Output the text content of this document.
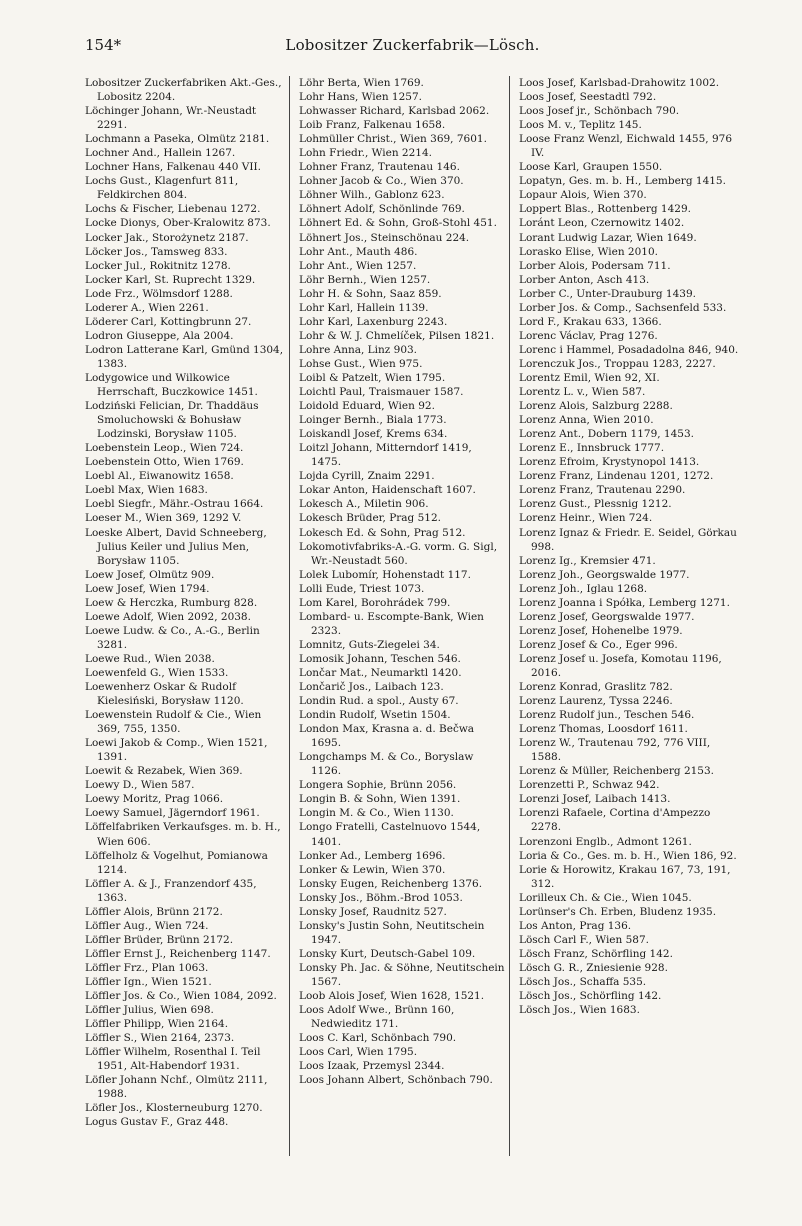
154*	Lobositzer Zuckerfabrik—Lösch.
Lobositzer Zuckerfabriken Akt.-Ges., Lobositz 2204.
Löchinger Johann, Wr.-Neustadt 2291.
Lochmann a Paseka, Olmütz 2181.
Lochner And., Hallein 1267.
Lochner Hans, Falkenau 440 VII.
Lochs Gust., Klagenfurt 811, Feldkirchen 804.
Lochs & Fischer, Liebenau 1272.
Locke Dionys, Ober-Kralowitz 873.
Locker Jak., Storożynetz 2187.
Löcker Jos., Tamsweg 833.
Locker Jul., Rokitnitz 1278.
Locker Karl, St. Ruprecht 1329.
Lode Frz., Wölmsdorf 1288.
Loderer A., Wien 2261.
Löderer Carl, Kottingbrunn 27.
Lodron Giuseppe, Ala 2004.
Lodron Latterane Karl, Gmünd 1304, 1383.
Lodygowice und Wilkowice Herrschaft, Buczkowice 1451.
Lodziński Felician, Dr. Thaddäus Smoluchowski & Bohusław Lodzinski, Borysław 1105.
Loebenstein Leop., Wien 724.
Loebenstein Otto, Wien 1769.
Loebl Al., Eiwanowitz 1658.
Loebl Max, Wien 1683.
Loebl Siegfr., Mähr.-Ostrau 1664.
Loeser M., Wien 369, 1292 V.
Loeske Albert, David Schneeberg, Julius Keiler und Julius Men, Borysław 1105.
Loew Josef, Olmütz 909.
Loew Josef, Wien 1794.
Loew & Herczka, Rumburg 828.
Loewe Adolf, Wien 2092, 2038.
Loewe Ludw. & Co., A.-G., Berlin 3281.
Loewe Rud., Wien 2038.
Loewenfeld G., Wien 1533.
Loewenherz Oskar & Rudolf Kielesiński, Borysław 1120.
Loewenstein Rudolf & Cie., Wien 369, 755, 1350.
Loewi Jakob & Comp., Wien 1521, 1391.
Loewit & Rezabek, Wien 369.
Loewy D., Wien 587.
Loewy Moritz, Prag 1066.
Loewy Samuel, Jägerndorf 1961.
Löffelfabriken Verkaufsges. m. b. H., Wien 606.
Löffelholz & Vogelhut, Pomianowa 1214.
Löffler A. & J., Franzendorf 435, 1363.
Löffler Alois, Brünn 2172.
Löffler Aug., Wien 724.
Löffler Brüder, Brünn 2172.
Löffler Ernst J., Reichenberg 1147.
Löffler Frz., Plan 1063.
Löffler Ign., Wien 1521.
Löffler Jos. & Co., Wien 1084, 2092.
Löffler Julius, Wien 698.
Löffler Philipp, Wien 2164.
Löffler S., Wien 2164, 2373.
Löffler Wilhelm, Rosenthal I. Teil 1951, Alt-Habendorf 1931.
Löfler Johann Nchf., Olmütz 2111, 1988.
Löfler Jos., Klosterneuburg 1270.
Logus Gustav F., Graz 448.
Löhr Berta, Wien 1769.
Lohr Hans, Wien 1257.
Lohwasser Richard, Karlsbad 2062.
Loib Franz, Falkenau 1658.
Lohmüller Christ., Wien 369, 7601.
Lohn Friedr., Wien 2214.
Lohner Franz, Trautenau 146.
Lohner Jacob & Co., Wien 370.
Löhner Wilh., Gablonz 623.
Löhnert Adolf, Schönlinde 769.
Löhnert Ed. & Sohn, Groß-Stohl 451.
Löhnert Jos., Steinschönau 224.
Lohr Ant., Mauth 486.
Lohr Ant., Wien 1257.
Löhr Bernh., Wien 1257.
Lohr H. & Sohn, Saaz 859.
Lohr Karl, Hallein 1139.
Lohr Karl, Laxenburg 2243.
Lohr & W. J. Chmelíček, Pilsen 1821.
Lohre Anna, Linz 903.
Lohse Gust., Wien 975.
Loibl & Patzelt, Wien 1795.
Loichtl Paul, Traismauer 1587.
Loidold Eduard, Wien 92.
Loinger Bernh., Biala 1773.
Loiskandl Josef, Krems 634.
Loitzl Johann, Mitterndorf 1419, 1475.
Lojda Cyrill, Znaim 2291.
Lokar Anton, Haidenschaft 1607.
Lokesch A., Miletin 906.
Lokesch Brüder, Prag 512.
Lokesch Ed. & Sohn, Prag 512.
Lokomotivfabriks-A.-G. vorm. G. Sigl, Wr.-Neustadt 560.
Lolek Lubomír, Hohenstadt 117.
Lolli Eude, Triest 1073.
Lom Karel, Borohrádek 799.
Lombard- u. Escompte-Bank, Wien 2323.
Lomnitz, Guts-Ziegelei 34.
Lomosik Johann, Teschen 546.
Lončar Mat., Neumarktl 1420.
Lončarič Jos., Laibach 123.
Londin Rud. a spol., Austy 67.
Londin Rudolf, Wsetin 1504.
London Max, Krasna a. d. Bečwa 1695.
Longchamps M. & Co., Boryslaw 1126.
Longera Sophie, Brünn 2056.
Longin B. & Sohn, Wien 1391.
Longin M. & Co., Wien 1130.
Longo Fratelli, Castelnuovo 1544, 1401.
Lonker Ad., Lemberg 1696.
Lonker & Lewin, Wien 370.
Lonsky Eugen, Reichenberg 1376.
Lonsky Jos., Böhm.-Brod 1053.
Lonsky Josef, Raudnitz 527.
Lonsky's Justin Sohn, Neutitschein 1947.
Lonsky Kurt, Deutsch-Gabel 109.
Lonsky Ph. Jac. & Söhne, Neutitschein 1567.
Loob Alois Josef, Wien 1628, 1521.
Loos Adolf Wwe., Brünn 160, Nedwieditz 171.
Loos C. Karl, Schönbach 790.
Loos Carl, Wien 1795.
Loos Izaak, Przemysl 2344.
Loos Johann Albert, Schönbach 790.
Loos Josef, Karlsbad-Drahowitz 1002.
Loos Josef, Seestadtl 792.
Loos Josef jr., Schönbach 790.
Loos M. v., Teplitz 145.
Loose Franz Wenzl, Eichwald 1455, 976 IV.
Loose Karl, Graupen 1550.
Lopatyn, Ges. m. b. H., Lemberg 1415.
Lopaur Alois, Wien 370.
Loppert Blas., Rottenberg 1429.
Loránt Leon, Czernowitz 1402.
Lorant Ludwig Lazar, Wien 1649.
Lorasko Elise, Wien 2010.
Lorber Alois, Podersam 711.
Lorber Anton, Asch 413.
Lorber C., Unter-Drauburg 1439.
Lorber Jos. & Comp., Sachsenfeld 533.
Lord F., Krakau 633, 1366.
Lorenc Václav, Prag 1276.
Lorenc i Hammel, Posadadolna 846, 940.
Lorenczuk Jos., Troppau 1283, 2227.
Lorentz Emil, Wien 92, XI.
Lorentz L. v., Wien 587.
Lorenz Alois, Salzburg 2288.
Lorenz Anna, Wien 2010.
Lorenz Ant., Dobern 1179, 1453.
Lorenz E., Innsbruck 1777.
Lorenz Efroim, Krystynopol 1413.
Lorenz Franz, Lindenau 1201, 1272.
Lorenz Franz, Trautenau 2290.
Lorenz Gust., Plessnig 1212.
Lorenz Heinr., Wien 724.
Lorenz Ignaz & Friedr. E. Seidel, Görkau 998.
Lorenz Ig., Kremsier 471.
Lorenz Joh., Georgswalde 1977.
Lorenz Joh., Iglau 1268.
Lorenz Joanna i Spółka, Lemberg 1271.
Lorenz Josef, Georgswalde 1977.
Lorenz Josef, Hohenelbe 1979.
Lorenz Josef & Co., Eger 996.
Lorenz Josef u. Josefa, Komotau 1196, 2016.
Lorenz Konrad, Graslitz 782.
Lorenz Laurenz, Tyssa 2246.
Lorenz Rudolf jun., Teschen 546.
Lorenz Thomas, Loosdorf 1611.
Lorenz W., Trautenau 792, 776 VIII, 1588.
Lorenz & Müller, Reichenberg 2153.
Lorenzetti P., Schwaz 942.
Lorenzi Josef, Laibach 1413.
Lorenzi Rafaele, Cortina d'Ampezzo 2278.
Lorenzoni Englb., Admont 1261.
Loria & Co., Ges. m. b. H., Wien 186, 92.
Lorie & Horowitz, Krakau 167, 73, 191, 312.
Lorilleux Ch. & Cie., Wien 1045.
Lorünser's Ch. Erben, Bludenz 1935.
Los Anton, Prag 136.
Lösch Carl F., Wien 587.
Lösch Franz, Schörfling 142.
Lösch G. R., Zniesienie 928.
Lösch Jos., Schaffa 535.
Lösch Jos., Schörfling 142.
Lösch Jos., Wien 1683.
